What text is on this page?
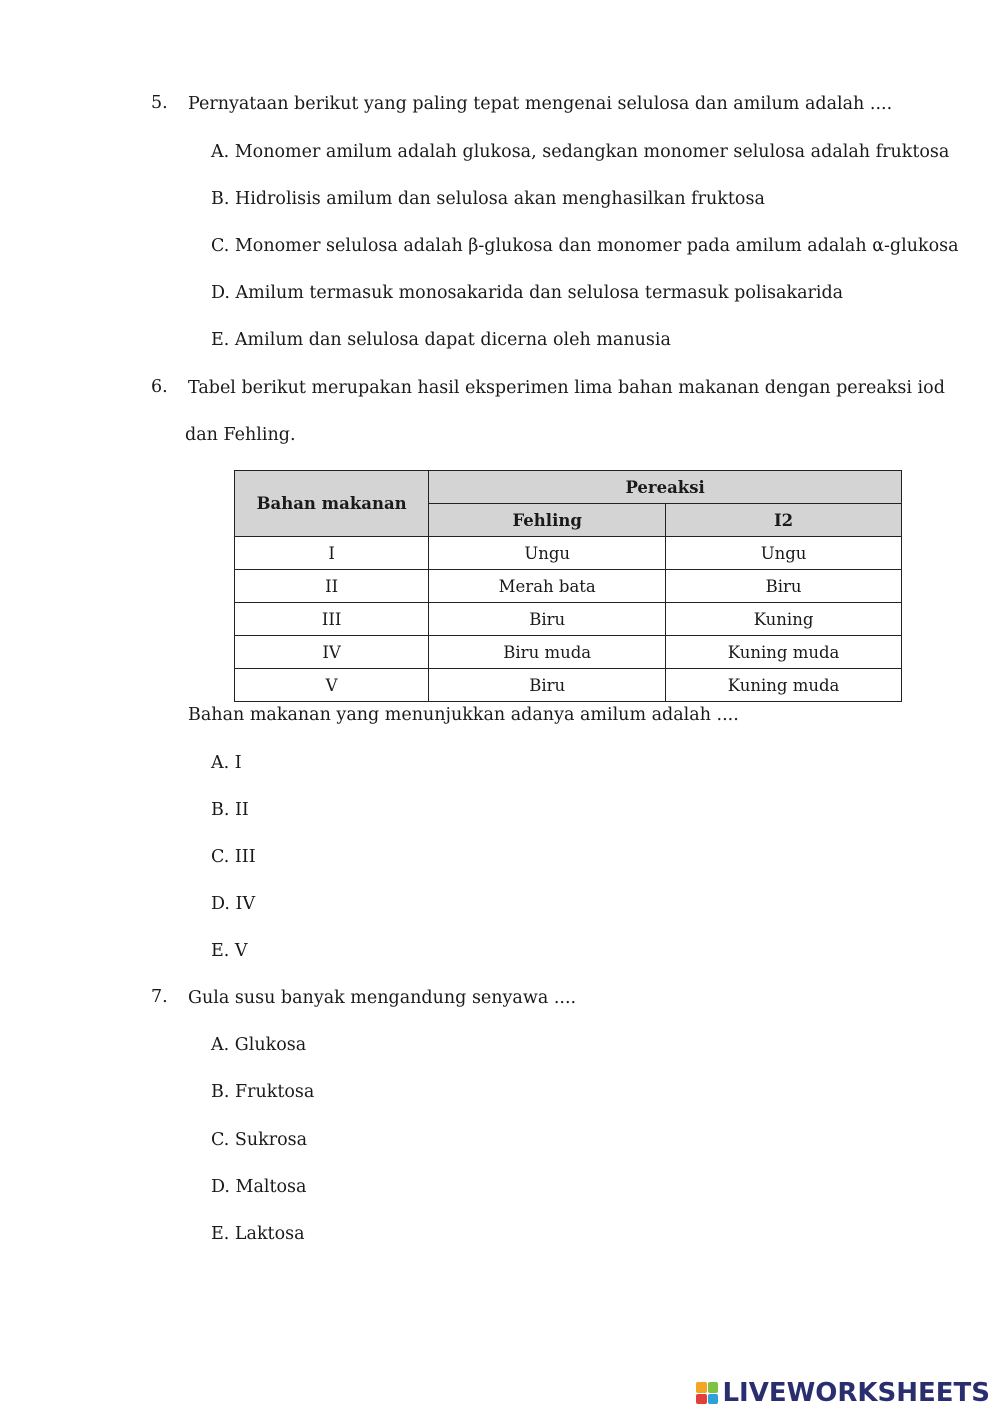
5. Pernyataan berikut yang paling tepat mengenai selulosa dan amilum adalah ....
A. Monomer amilum adalah glukosa, sedangkan monomer selulosa adalah fruktosa
B. Hidrolisis amilum dan selulosa akan menghasilkan fruktosa
C. Monomer selulosa adalah β-glukosa dan monomer pada amilum adalah α-glukosa
D. Amilum termasuk monosakarida dan selulosa termasuk polisakarida
E. Amilum dan selulosa dapat dicerna oleh manusia
6. Tabel berikut merupakan hasil eksperimen lima bahan makanan dengan pereaksi iod
dan Fehling.
Bahan makanan	Pereaksi	
	Fehling	I2
I	Ungu	Ungu
II	Merah bata	Biru
III	Biru	Kuning
IV	Biru muda	Kuning muda
V	Biru	Kuning muda
Bahan makanan yang menunjukkan adanya amilum adalah ....
A. I
B. II
C. III
D. IV
E. V
7. Gula susu banyak mengandung senyawa ....
A. Glukosa
B. Fruktosa
C. Sukrosa
D. Maltosa
E. Laktosa
LIVEWORKSHEETS
